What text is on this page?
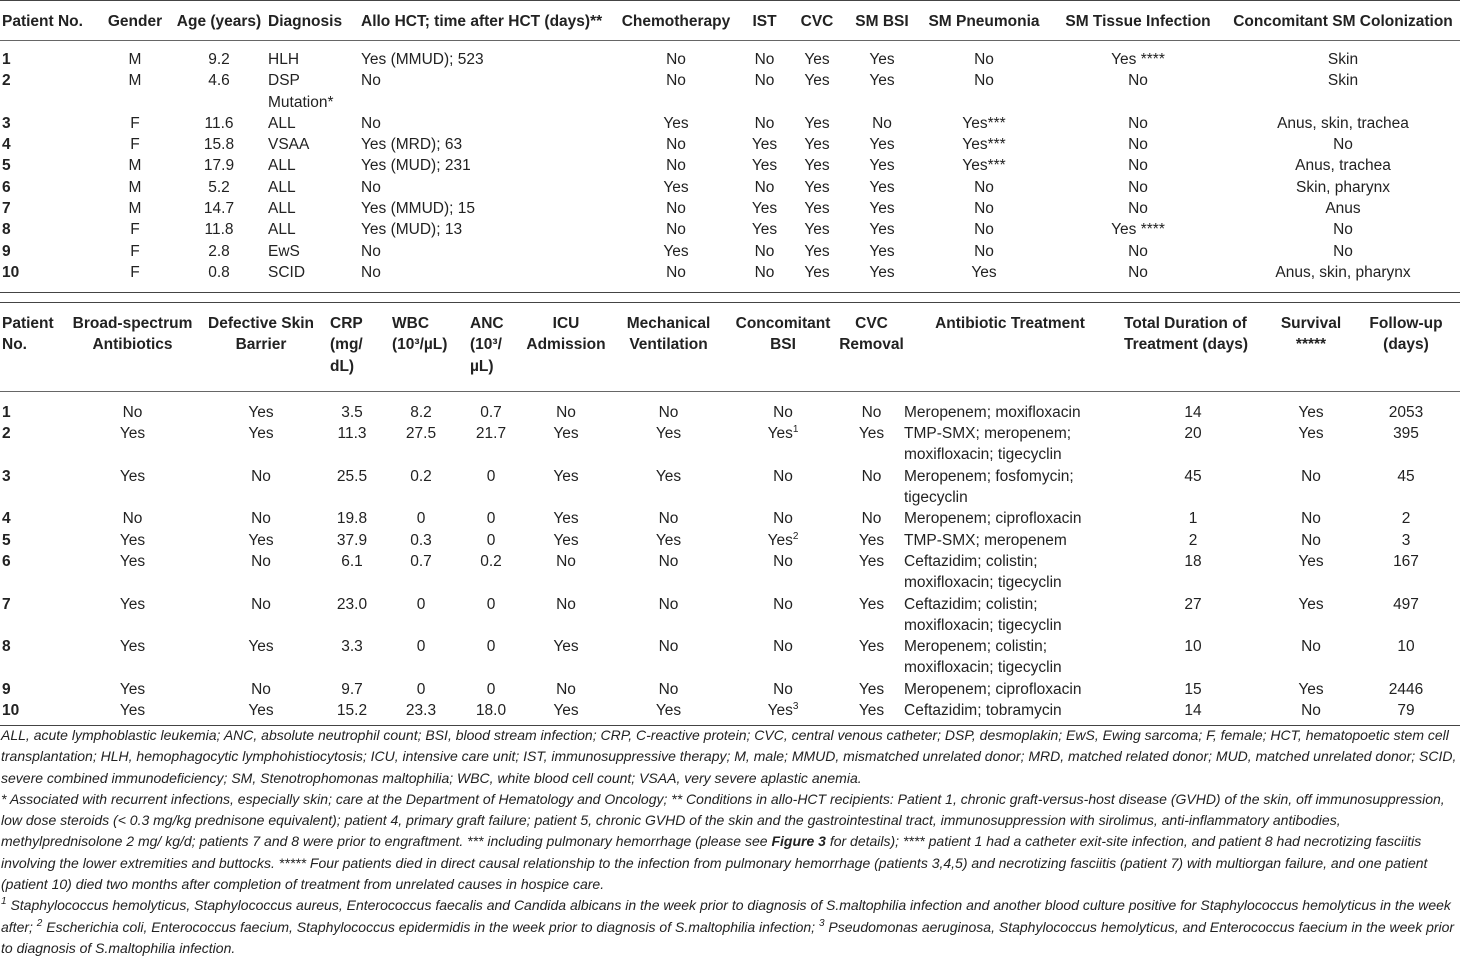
Patient No.	Gender	Age (years)	Diagnosis	Allo HCT; time after HCT (days)**	Chemotherapy	IST	CVC	SM BSI	SM Pneumonia	SM Tissue Infection	Concomitant SM Colonization
1	M	9.2	HLH	Yes (MMUD); 523	No	No	Yes	Yes	No	Yes ****	Skin
2	M	4.6	DSP Mutation*	No	No	No	Yes	Yes	No	No	Skin
3	F	11.6	ALL	No	Yes	No	Yes	No	Yes***	No	Anus, skin, trachea
4	F	15.8	VSAA	Yes (MRD); 63	No	Yes	Yes	Yes	Yes***	No	No
5	M	17.9	ALL	Yes (MUD); 231	No	Yes	Yes	Yes	Yes***	No	Anus, trachea
6	M	5.2	ALL	No	Yes	No	Yes	Yes	No	No	Skin, pharynx
7	M	14.7	ALL	Yes (MMUD); 15	No	Yes	Yes	Yes	No	No	Anus
8	F	11.8	ALL	Yes (MUD); 13	No	Yes	Yes	Yes	No	Yes ****	No
9	F	2.8	EwS	No	Yes	No	Yes	Yes	No	No	No
10	F	0.8	SCID	No	No	No	Yes	Yes	Yes	No	Anus, skin, pharynx
Patient No.	Broad-spectrum Antibiotics	Defective Skin Barrier	CRP (mg/ dL)	WBC (10³/µL)	ANC (10³/ µL)	ICU Admission	Mechanical Ventilation	Concomitant BSI	CVC Removal	Antibiotic Treatment	Total Duration of Treatment (days)	Survival *****	Follow-up (days)
1	No	Yes	3.5	8.2	0.7	No	No	No	No	Meropenem; moxifloxacin	14	Yes	2053
2	Yes	Yes	11.3	27.5	21.7	Yes	Yes	Yes$^1$	Yes	TMP-SMX; meropenem; moxifloxacin; tigecyclin	20	Yes	395
3	Yes	No	25.5	0.2	0	Yes	Yes	No	No	Meropenem; fosfomycin; tigecyclin	45	No	45
4	No	No	19.8	0	0	Yes	No	No	No	Meropenem; ciprofloxacin	1	No	2
5	Yes	Yes	37.9	0.3	0	Yes	Yes	Yes$^2$	Yes	TMP-SMX; meropenem	2	No	3
6	Yes	No	6.1	0.7	0.2	No	No	No	Yes	Ceftazidim; colistin; moxifloxacin; tigecyclin	18	Yes	167
7	Yes	No	23.0	0	0	No	No	No	Yes	Ceftazidim; colistin; moxifloxacin; tigecyclin	27	Yes	497
8	Yes	Yes	3.3	0	0	Yes	No	No	Yes	Meropenem; colistin; moxifloxacin; tigecyclin	10	No	10
9	Yes	No	9.7	0	0	No	No	No	Yes	Meropenem; ciprofloxacin	15	Yes	2446
10	Yes	Yes	15.2	23.3	18.0	Yes	Yes	Yes$^3$	Yes	Ceftazidim; tobramycin	14	No	79

ALL, acute lymphoblastic leukemia; ANC, absolute neutrophil count; BSI, blood stream infection; CRP, C-reactive protein; CVC, central venous catheter; DSP, desmoplakin; EwS, Ewing sarcoma; F, female; HCT, hematopoetic stem cell transplantation; HLH, hemophagocytic lymphohistiocytosis; ICU, intensive care unit; IST, immunosuppressive therapy; M, male; MMUD, mismatched unrelated donor; MRD, matched related donor; MUD, matched unrelated donor; SCID, severe combined immunodeficiency; SM, Stenotrophomonas maltophilia; WBC, white blood cell count; VSAA, very severe aplastic anemia.

* Associated with recurrent infections, especially skin; care at the Department of Hematology and Oncology; ** Conditions in allo-HCT recipients: Patient 1, chronic graft-versus-host disease (GVHD) of the skin, off immunosuppression, low dose steroids (< 0.3 mg/kg prednisone equivalent); patient 4, primary graft failure; patient 5, chronic GVHD of the skin and the gastrointestinal tract, immunosuppression with sirolimus, anti-inflammatory antibodies, methylprednisolone 2 mg/ kg/d; patients 7 and 8 were prior to engraftment. *** including pulmonary hemorrhage (please see Figure 3 for details); **** patient 1 had a catheter exit-site infection, and patient 8 had necrotizing fasciitis involving the lower extremities and buttocks. ***** Four patients died in direct causal relationship to the infection from pulmonary hemorrhage (patients 3,4,5) and necrotizing fasciitis (patient 7) with multiorgan failure, and one patient (patient 10) died two months after completion of treatment from unrelated causes in hospice care.

$^1$ Staphylococcus hemolyticus, Staphylococcus aureus, Enterococcus faecalis and Candida albicans in the week prior to diagnosis of S.maltophilia infection and another blood culture positive for Staphylococcus hemolyticus in the week after; $^2$ Escherichia coli, Enterococcus faecium, Staphylococcus epidermidis in the week prior to diagnosis of S.maltophilia infection; $^3$ Pseudomonas aeruginosa, Staphylococcus hemolyticus, and Enterococcus faecium in the week prior to diagnosis of S.maltophilia infection.
